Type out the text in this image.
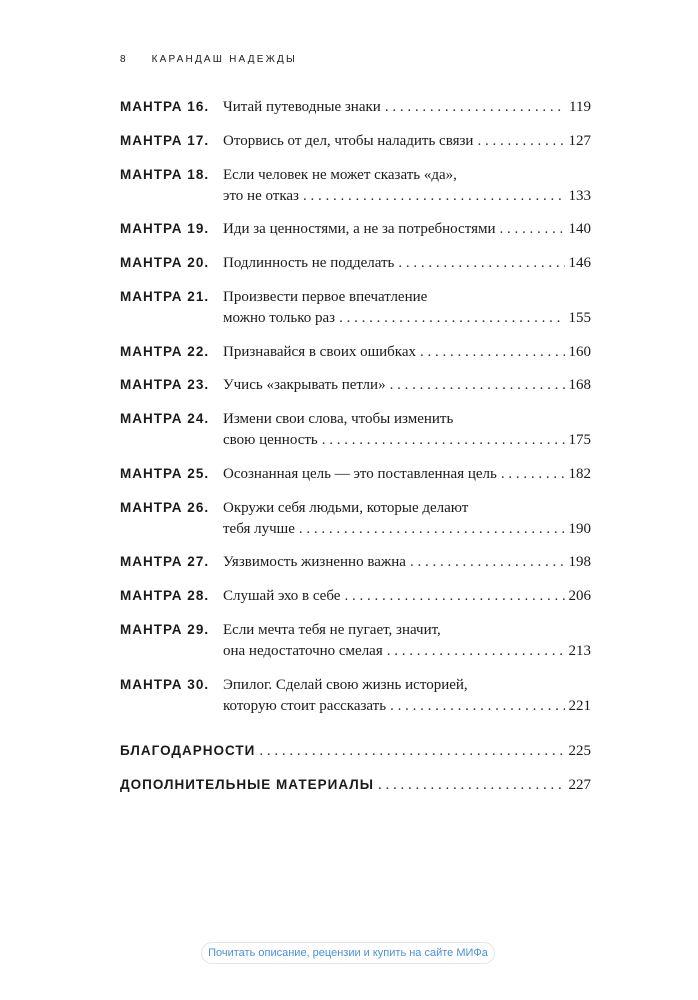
8	КАРАНДАШ НАДЕЖДЫ
МАНТРА 16. Читай путеводные знаки . . .	119
МАНТРА 17. Оторвись от дел, чтобы наладить связи . . .	127
МАНТРА 18. Если человек не может сказать «да»,
это не отказ . . .	133
МАНТРА 19. Иди за ценностями, а не за потребностями . . .	140
МАНТРА 20. Подлинность не подделать . . .	146
МАНТРА 21. Произвести первое впечатление
можно только раз . . .	155
МАНТРА 22. Признавайся в своих ошибках . . .	160
МАНТРА 23. Учись «закрывать петли» . . .	168
МАНТРА 24. Измени свои слова, чтобы изменить
свою ценность . . .	175
МАНТРА 25. Осознанная цель — это поставленная цель . . .	182
МАНТРА 26. Окружи себя людьми, которые делают
тебя лучше . . .	190
МАНТРА 27. Уязвимость жизненно важна . . .	198
МАНТРА 28. Слушай эхо в себе . . .	206
МАНТРА 29. Если мечта тебя не пугает, значит,
она недостаточно смелая . . .	213
МАНТРА 30. Эпилог. Сделай свою жизнь историей,
которую стоит рассказать . . .	221
БЛАГОДАРНОСТИ . . .	225
ДОПОЛНИТЕЛЬНЫЕ МАТЕРИАЛЫ . . .	227
Почитать описание, рецензии и купить на сайте МИФа
